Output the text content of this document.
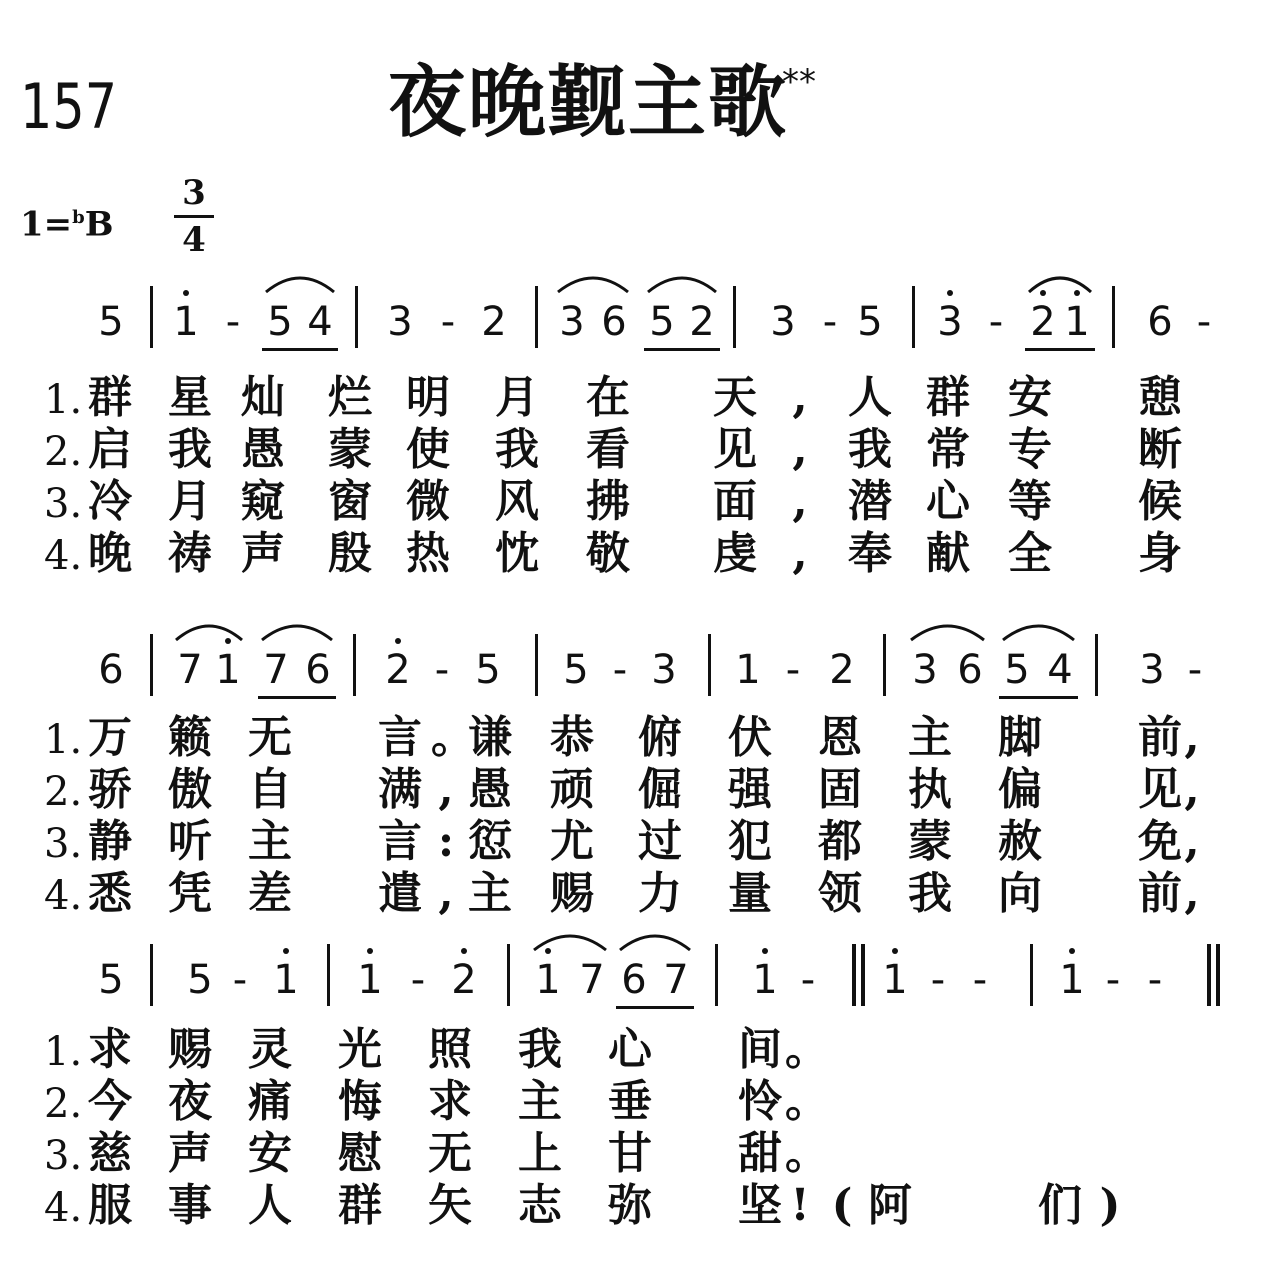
157	夜晚觐主歌
**
$1=^bB \frac{3}{4}$
5 1 - 5 4 3 - 2 3 6 5 2 3 - 5 3 - 2 1 6 -
1. 群 星 灿 烂 明 月 在 天 , 人 群 安 憩
2. 启 我 愚 蒙 使 我 看 见 , 我 常 专 断
3. 冷 月 窥 窗 微 风 拂 面 , 潜 心 等 候
4. 晚 祷 声 殷 热 忱 敬 虔 , 奉 献 全 身
6 7 1 7 6 2 - 5 5 - 3 1 - 2 3 6 5 4 3 -
1. 万 籁 无 言 。
谦 恭 俯 伏 恩 主 脚 前 ,
2. 骄 傲 自 满 , 愚 顽 倔 强 固 执 偏 见 ,
3. 静 听 主 言 : 愆 尤 过 犯 都 蒙 赦 免 ,
4. 悉 凭 差 遣 , 主 赐 力 量 领 我 向 前 ,
5 5 - 1 1 - 2 1 7 6 7 1 - 1 - - 1 - -
1. 求 赐 灵 光 照 我 心 间 。
2. 今 夜 痛 悔 求 主 垂 怜 。
3. 慈 声 安 慰 无 上 甘 甜 。
4. 服 事 人 群 矢 志 弥 坚 ! ( 阿	们 )
